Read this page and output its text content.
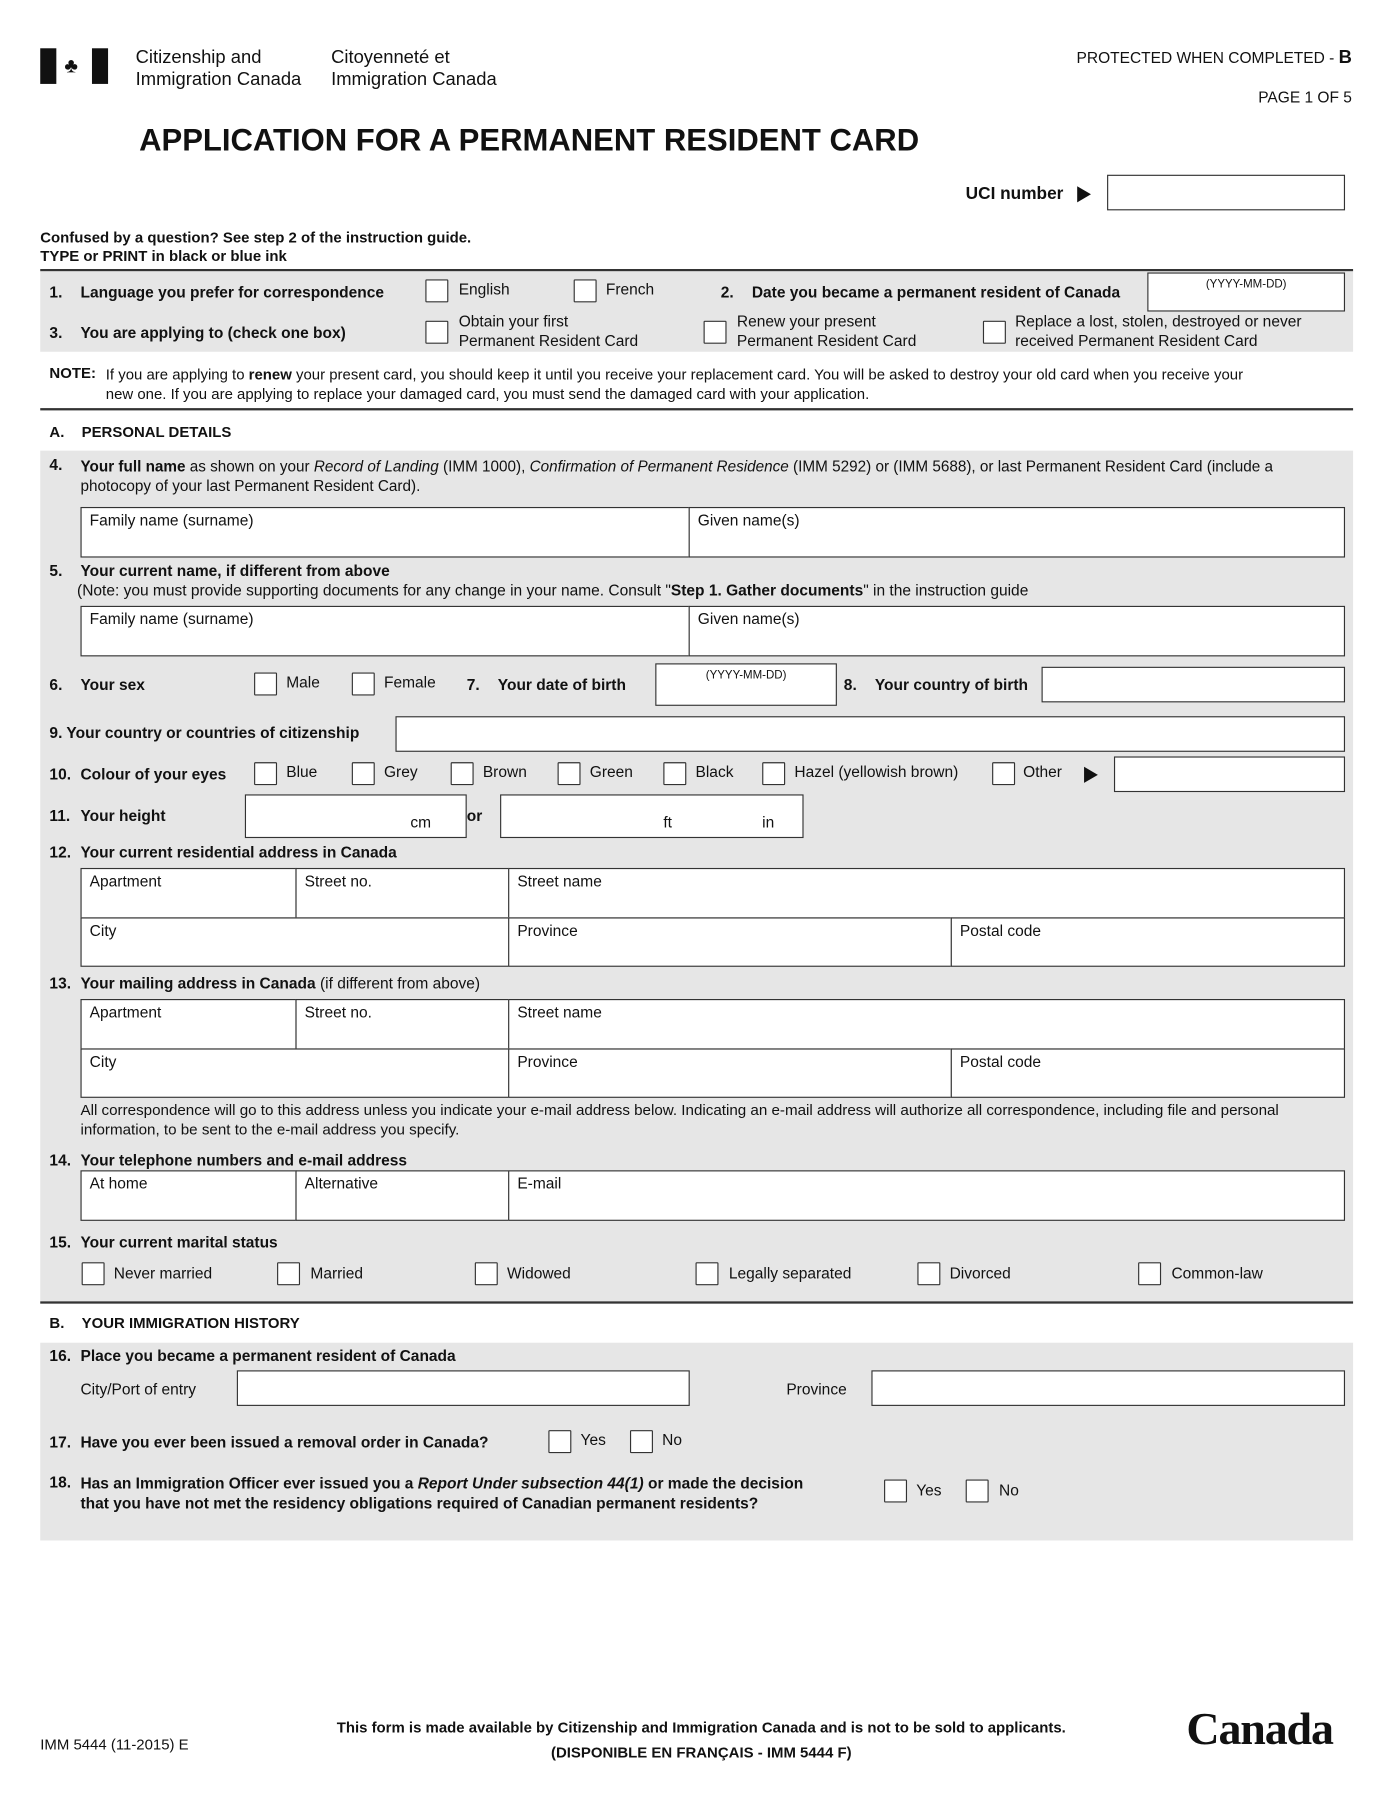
♣	Citizenship and
Immigration Canada
Citoyenneté et
Immigration Canada
PROTECTED WHEN COMPLETED - B
PAGE 1 OF 5
APPLICATION FOR A PERMANENT RESIDENT CARD
UCI number
Confused by a question? See step 2 of the instruction guide.
TYPE or PRINT in black or blue ink
1. Language you prefer for correspondence	English	French	2. Date you became a permanent resident of Canada	(YYYY-MM-DD)
3. You are applying to (check one box)
Obtain your first
Permanent Resident Card
Renew your present
Permanent Resident Card
Replace a lost, stolen, destroyed or never
received Permanent Resident Card
NOTE: If you are applying to renew your present card, you should keep it until you receive your replacement card. You will be asked to destroy your old card when you receive your
new one. If you are applying to replace your damaged card, you must send the damaged card with your application.
A. PERSONAL DETAILS
4. Your full name as shown on your Record of Landing (IMM 1000), Confirmation of Permanent Residence (IMM 5292) or (IMM 5688), or last Permanent Resident Card (include a
photocopy of your last Permanent Resident Card).
Family name (surname)	Given name(s)
5. Your current name, if different from above
(Note: you must provide supporting documents for any change in your name. Consult "Step 1. Gather documents" in the instruction guide
Family name (surname)	Given name(s)
6. Your sex	Male	Female 7. Your date of birth
(YYYY-MM-DD)
8. Your country of birth
9. Your country or countries of citizenship
10. Colour of your eyes	Blue	Grey	Brown	Green	Black	Hazel (yellowish brown)	Other
11. Your height	cm	or	ft	in
12. Your current residential address in Canada
Apartment	Street no.	Street name
City	Province	Postal code
13. Your mailing address in Canada (if different from above)
Apartment	Street no.	Street name
City	Province	Postal code
All correspondence will go to this address unless you indicate your e-mail address below. Indicating an e-mail address will authorize all correspondence, including file and personal
information, to be sent to the e-mail address you specify.
14. Your telephone numbers and e-mail address
At home	Alternative	E-mail
15. Your current marital status
Never married	Married	Widowed	Legally separated	Divorced	Common-law
B. YOUR IMMIGRATION HISTORY
16. Place you became a permanent resident of Canada
City/Port of entry	Province
17. Have you ever been issued a removal order in Canada?	Yes	No
18. Has an Immigration Officer ever issued you a Report Under subsection 44(1) or made the decision
that you have not met the residency obligations required of Canadian permanent residents?
Yes	No
IMM 5444 (11-2015) E
This form is made available by Citizenship and Immigration Canada and is not to be sold to applicants.
(DISPONIBLE EN FRANÇAIS - IMM 5444 F)	Canada
